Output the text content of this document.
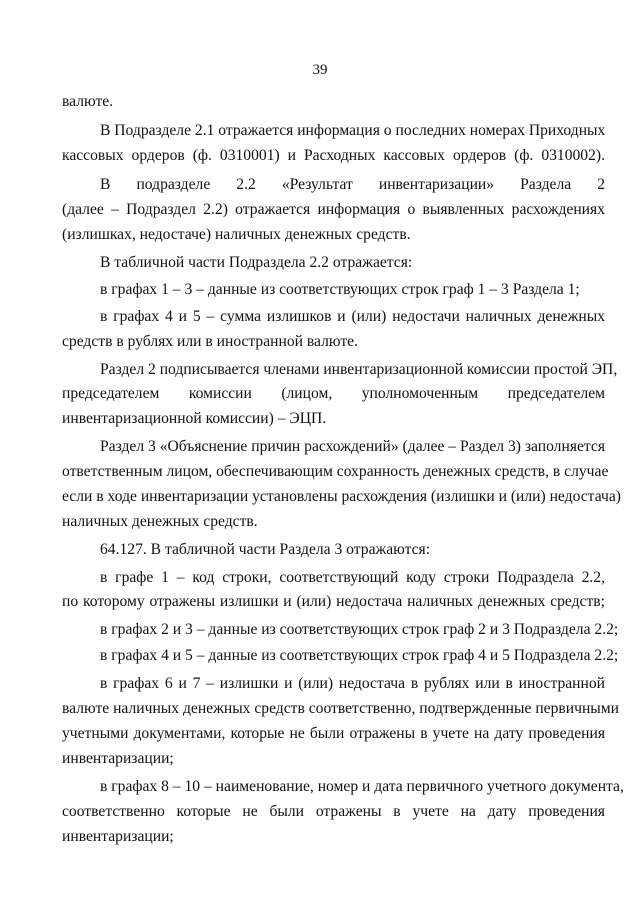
39
валюте.
В Подразделе 2.1 отражается информация о последних номерах Приходных
кассовых ордеров (ф. 0310001) и Расходных кассовых ордеров (ф. 0310002).
В подразделе 2.2 «Результат инвентаризации» Раздела 2
(далее – Подраздел 2.2) отражается информация о выявленных расхождениях
(излишках, недостаче) наличных денежных средств.
В табличной части Подраздела 2.2 отражается:
в графах 1 – 3 – данные из соответствующих строк граф 1 – 3 Раздела 1;
в графах 4 и 5 – сумма излишков и (или) недостачи наличных денежных
средств в рублях или в иностранной валюте.
Раздел 2 подписывается членами инвентаризационной комиссии простой ЭП,
председателем комиссии (лицом, уполномоченным председателем
инвентаризационной комиссии) – ЭЦП.
Раздел 3 «Объяснение причин расхождений» (далее – Раздел 3) заполняется
ответственным лицом, обеспечивающим сохранность денежных средств, в случае
если в ходе инвентаризации установлены расхождения (излишки и (или) недостача)
наличных денежных средств.
64.127. В табличной части Раздела 3 отражаются:
в графе 1 – код строки, соответствующий коду строки Подраздела 2.2,
по которому отражены излишки и (или) недостача наличных денежных средств;
в графах 2 и 3 – данные из соответствующих строк граф 2 и 3 Подраздела 2.2;
в графах 4 и 5 – данные из соответствующих строк граф 4 и 5 Подраздела 2.2;
в графах 6 и 7 – излишки и (или) недостача в рублях или в иностранной
валюте наличных денежных средств соответственно, подтвержденные первичными
учетными документами, которые не были отражены в учете на дату проведения
инвентаризации;
в графах 8 – 10 – наименование, номер и дата первичного учетного документа,
соответственно которые не были отражены в учете на дату проведения
инвентаризации;
